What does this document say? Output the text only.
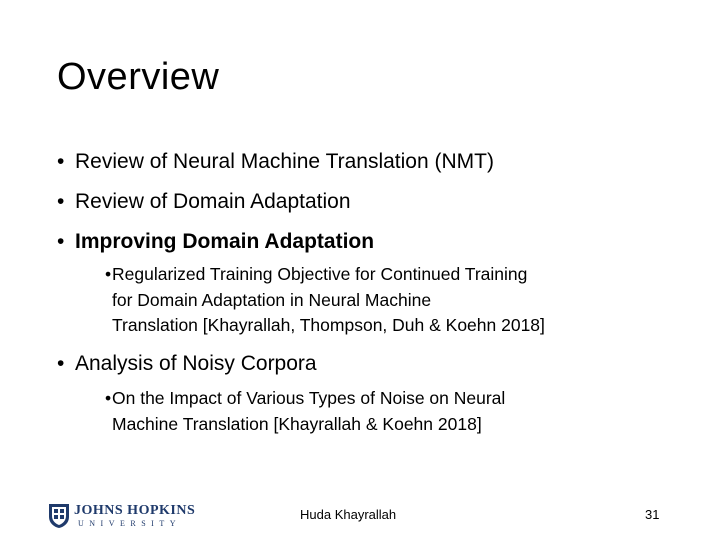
Overview
• Review of Neural Machine Translation (NMT)
• Review of Domain Adaptation
• Improving Domain Adaptation
• Regularized Training Objective for Continued Training
for Domain Adaptation in Neural Machine
Translation [Khayrallah, Thompson, Duh & Koehn 2018]
• Analysis of Noisy Corpora
• On the Impact of Various Types of Noise on Neural
Machine Translation [Khayrallah & Koehn 2018]
JOHNS HOPKINS
UNIVERSITY
Huda Khayrallah	31
